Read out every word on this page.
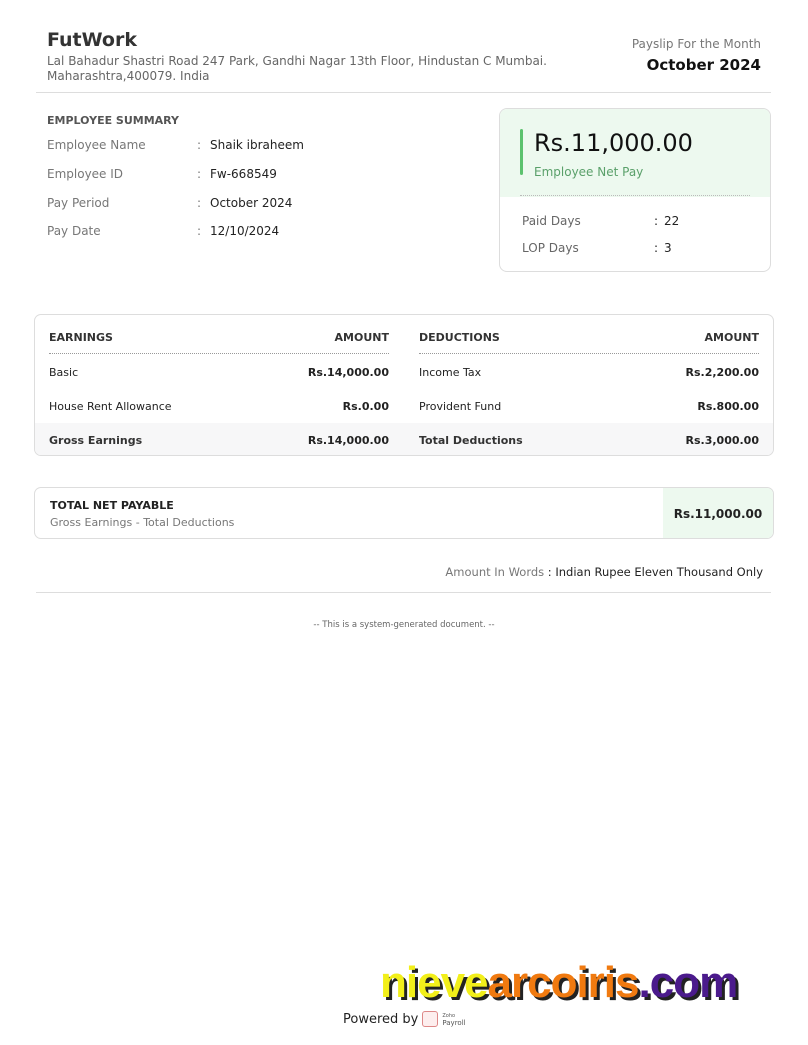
FutWork
Lal Bahadur Shastri Road 247 Park, Gandhi Nagar 13th Floor, Hindustan C Mumbai.
Maharashtra,400079. India
Payslip For the Month
October 2024
EMPLOYEE SUMMARY
Employee Name	: Shaik ibraheem
Employee ID	: Fw-668549
Pay Period	: October 2024
Pay Date	: 12/10/2024
Rs.11,000.00
Employee Net Pay
Paid Days	: 22
LOP Days	: 3
EARNINGS	AMOUNT
Basic	Rs.14,000.00
House Rent Allowance	Rs.0.00
Gross Earnings	Rs.14,000.00
DEDUCTIONS	AMOUNT
Income Tax	Rs.2,200.00
Provident Fund	Rs.800.00
Total Deductions	Rs.3,000.00
TOTAL NET PAYABLE
Gross Earnings - Total Deductions
Rs.11,000.00
Amount In Words : Indian Rupee Eleven Thousand Only
-- This is a system-generated document. --
nievearcoiris.com
Powered by	Zoho
Payroll
